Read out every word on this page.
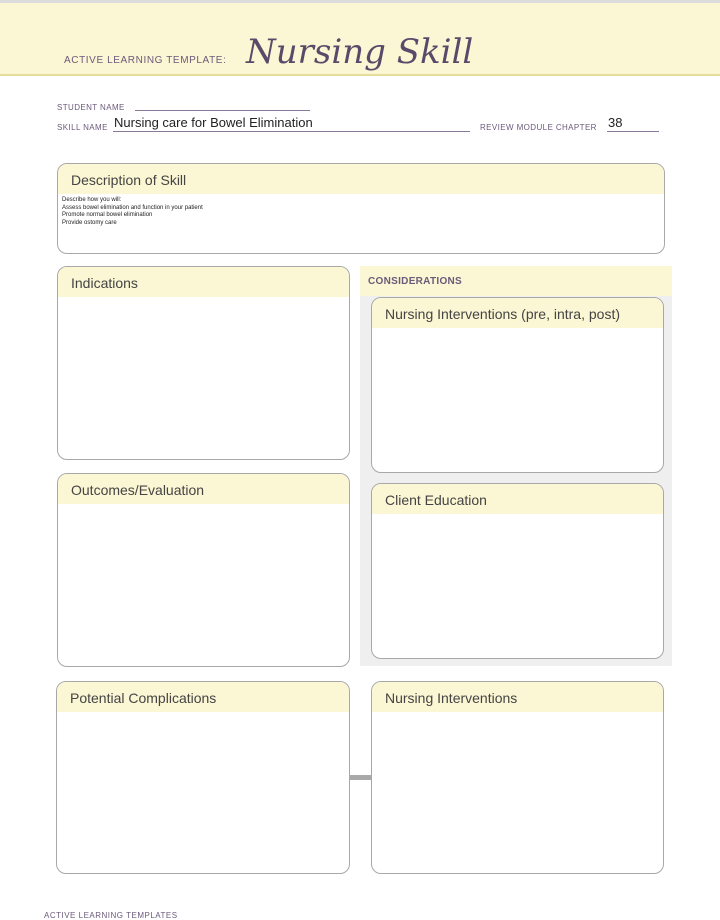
ACTIVE LEARNING TEMPLATE: Nursing Skill
STUDENT NAME
SKILL NAME Nursing care for Bowel Elimination	REVIEW MODULE CHAPTER 38
Description of Skill
Describe how you will:
Assess bowel elimination and function in your patient
Promote normal bowel elimination
Provide ostomy care
Indications	CONSIDERATIONS
Nursing Interventions (pre, intra, post)
Client Education
Outcomes/Evaluation
Potential Complications	Nursing Interventions
ACTIVE LEARNING TEMPLATES
